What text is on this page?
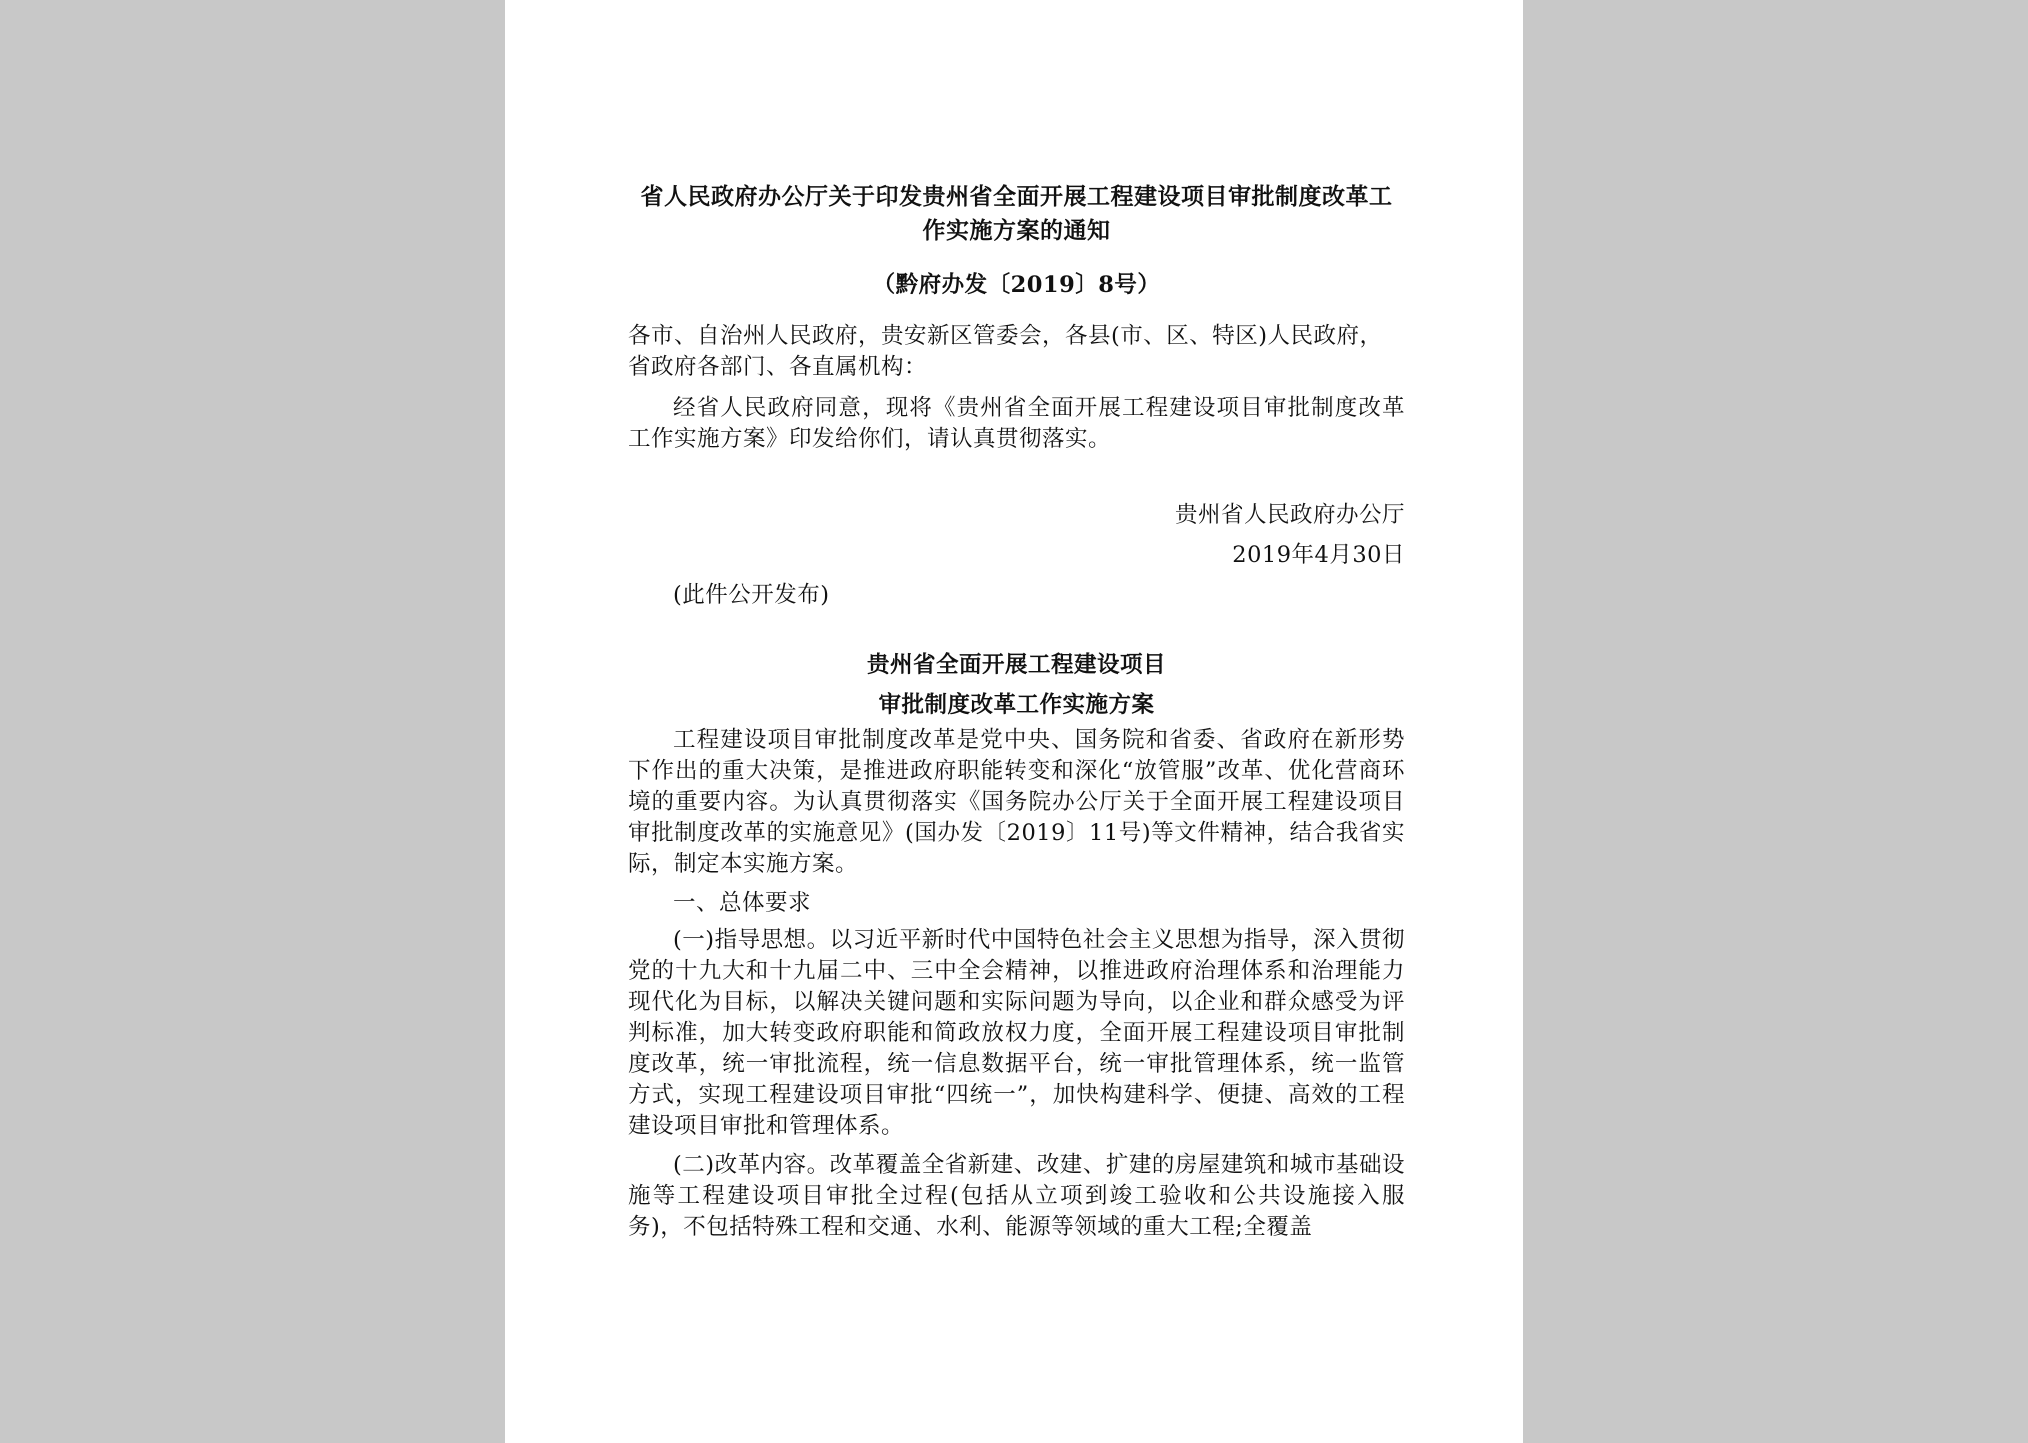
省人民政府办公厅关于印发贵州省全面开展工程建设项目审批制度改革工作实施方案的通知
（黔府办发〔2019〕8号）
各市、自治州人民政府，贵安新区管委会，各县(市、区、特区)人民政府，省政府各部门、各直属机构：
经省人民政府同意，现将《贵州省全面开展工程建设项目审批制度改革工作实施方案》印发给你们，请认真贯彻落实。
贵州省人民政府办公厅
2019年4月30日
(此件公开发布)
贵州省全面开展工程建设项目
审批制度改革工作实施方案
工程建设项目审批制度改革是党中央、国务院和省委、省政府在新形势下作出的重大决策，是推进政府职能转变和深化“放管服”改革、优化营商环境的重要内容。为认真贯彻落实《国务院办公厅关于全面开展工程建设项目审批制度改革的实施意见》(国办发〔2019〕11号)等文件精神，结合我省实际，制定本实施方案。
一、总体要求
(一)指导思想。以习近平新时代中国特色社会主义思想为指导，深入贯彻党的十九大和十九届二中、三中全会精神，以推进政府治理体系和治理能力现代化为目标，以解决关键问题和实际问题为导向，以企业和群众感受为评判标准，加大转变政府职能和简政放权力度，全面开展工程建设项目审批制度改革，统一审批流程，统一信息数据平台，统一审批管理体系，统一监管方式，实现工程建设项目审批“四统一”，加快构建科学、便捷、高效的工程建设项目审批和管理体系。
(二)改革内容。改革覆盖全省新建、改建、扩建的房屋建筑和城市基础设施等工程建设项目审批全过程(包括从立项到竣工验收和公共设施接入服务)，不包括特殊工程和交通、水利、能源等领域的重大工程;全覆盖
